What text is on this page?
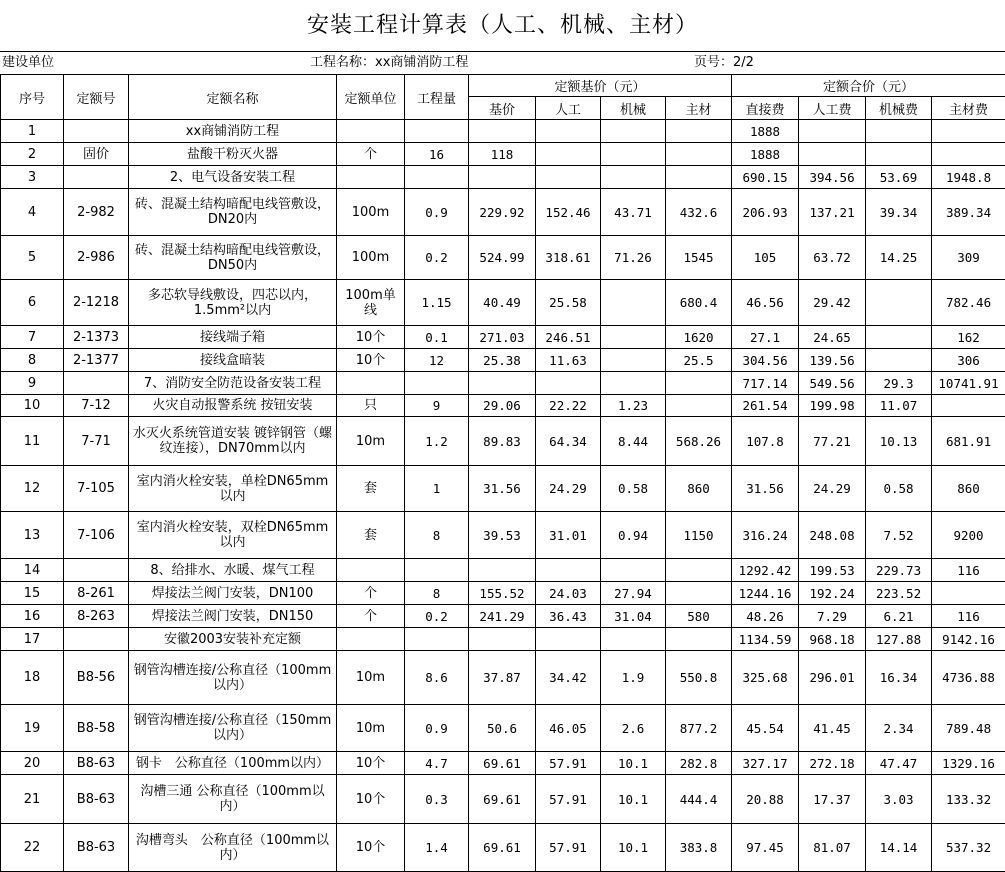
安装工程计算表（人工、机械、主材）
建设单位	工程名称：xx商铺消防工程	页号：2/2
序号	定额号	定额名称	定额单位	工程量	定额基价（元）				定额合价（元）			
					基价	人工	机械	主材	直接费	人工费	机械费	主材费
1		xx商铺消防工程							1888			
2	固价	盐酸干粉灭火器	个	16	118				1888			
3		2、电气设备安装工程							690.15	394.56	53.69	1948.8
4	2-982	砖、混凝土结构暗配电线管敷设，DN20内	100m	0.9	229.92	152.46	43.71	432.6	206.93	137.21	39.34	389.34
5	2-986	砖、混凝土结构暗配电线管敷设，DN50内	100m	0.2	524.99	318.61	71.26	1545	105	63.72	14.25	309
6	2-1218	多芯软导线敷设，四芯以内，1.5mm²以内	100m单线	1.15	40.49	25.58		680.4	46.56	29.42		782.46
7	2-1373	接线端子箱	10个	0.1	271.03	246.51		1620	27.1	24.65		162
8	2-1377	接线盒暗装	10个	12	25.38	11.63		25.5	304.56	139.56		306
9		7、消防安全防范设备安装工程							717.14	549.56	29.3	10741.91
10	7-12	火灾自动报警系统 按钮安装	只	9	29.06	22.22	1.23		261.54	199.98	11.07	
11	7-71	水灭火系统管道安装 镀锌钢管（螺纹连接），DN70mm以内	10m	1.2	89.83	64.34	8.44	568.26	107.8	77.21	10.13	681.91
12	7-105	室内消火栓安装，单栓DN65mm以内	套	1	31.56	24.29	0.58	860	31.56	24.29	0.58	860
13	7-106	室内消火栓安装，双栓DN65mm以内	套	8	39.53	31.01	0.94	1150	316.24	248.08	7.52	9200
14		8、给排水、水暖、煤气工程							1292.42	199.53	229.73	116
15	8-261	焊接法兰阀门安装，DN100	个	8	155.52	24.03	27.94		1244.16	192.24	223.52	
16	8-263	焊接法兰阀门安装，DN150	个	0.2	241.29	36.43	31.04	580	48.26	7.29	6.21	116
17		安徽2003安装补充定额							1134.59	968.18	127.88	9142.16
18	B8-56	钢管沟槽连接/公称直径（100mm以内）	10m	8.6	37.87	34.42	1.9	550.8	325.68	296.01	16.34	4736.88
19	B8-58	钢管沟槽连接/公称直径（150mm以内）	10m	0.9	50.6	46.05	2.6	877.2	45.54	41.45	2.34	789.48
20	B8-63	钢卡　公称直径（100mm以内）	10个	4.7	69.61	57.91	10.1	282.8	327.17	272.18	47.47	1329.16
21	B8-63	沟槽三通 公称直径（100mm以内）	10个	0.3	69.61	57.91	10.1	444.4	20.88	17.37	3.03	133.32
22	B8-63	沟槽弯头　公称直径（100mm以内）	10个	1.4	69.61	57.91	10.1	383.8	97.45	81.07	14.14	537.32
